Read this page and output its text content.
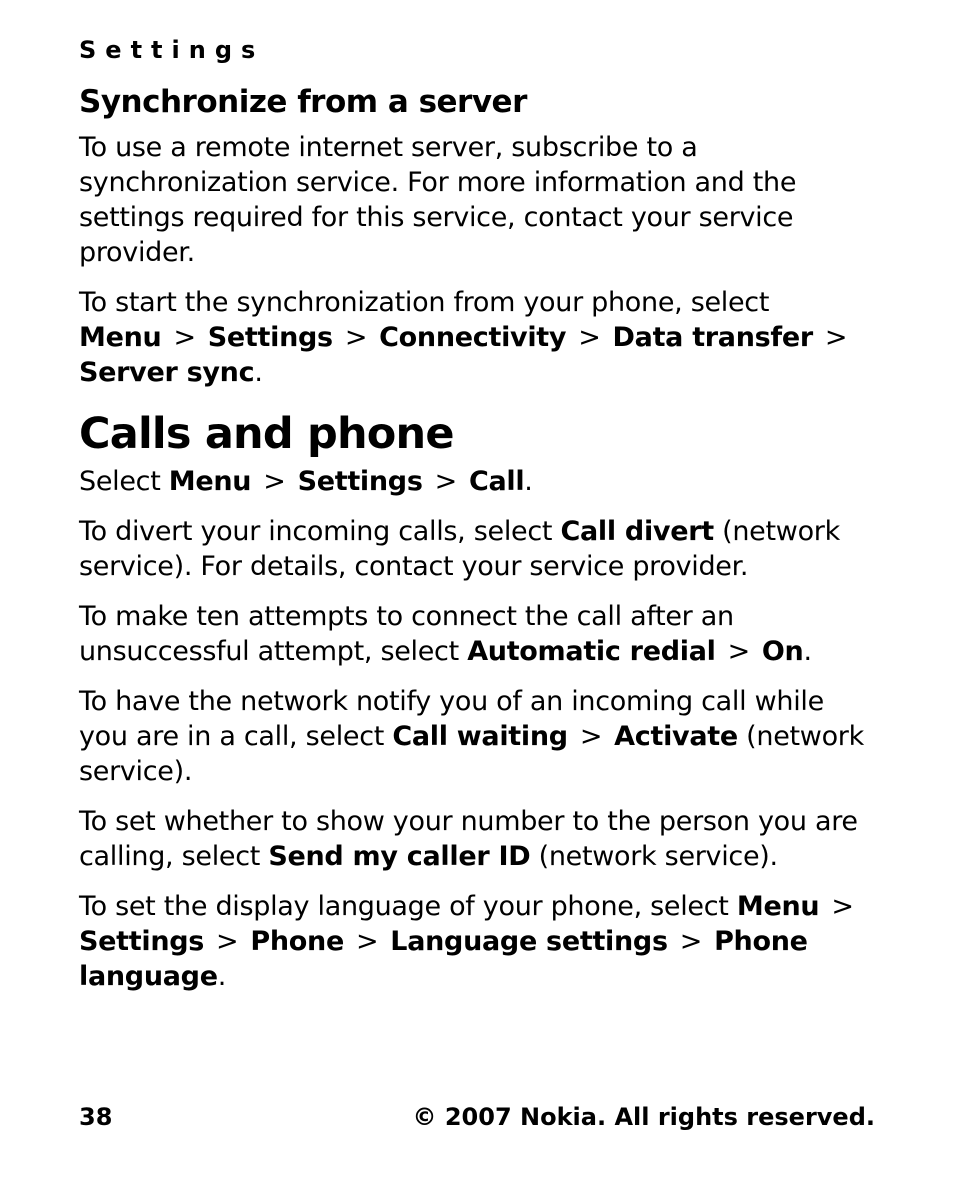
Settings
Synchronize from a server

To use a remote internet server, subscribe to a synchronization service. For more information and the settings required for this service, contact your service provider.

To start the synchronization from your phone, select
Menu > Settings > Connectivity > Data transfer >
Server sync.

Calls and phone

Select Menu > Settings > Call.

To divert your incoming calls, select Call divert (network service). For details, contact your service provider.

To make ten attempts to connect the call after an unsuccessful attempt, select Automatic redial > On.

To have the network notify you of an incoming call while you are in a call, select Call waiting > Activate (network service).

To set whether to show your number to the person you are calling, select Send my caller ID (network service).

To set the display language of your phone, select Menu >
Settings > Phone > Language settings > Phone language.

38	© 2007 Nokia. All rights reserved.
